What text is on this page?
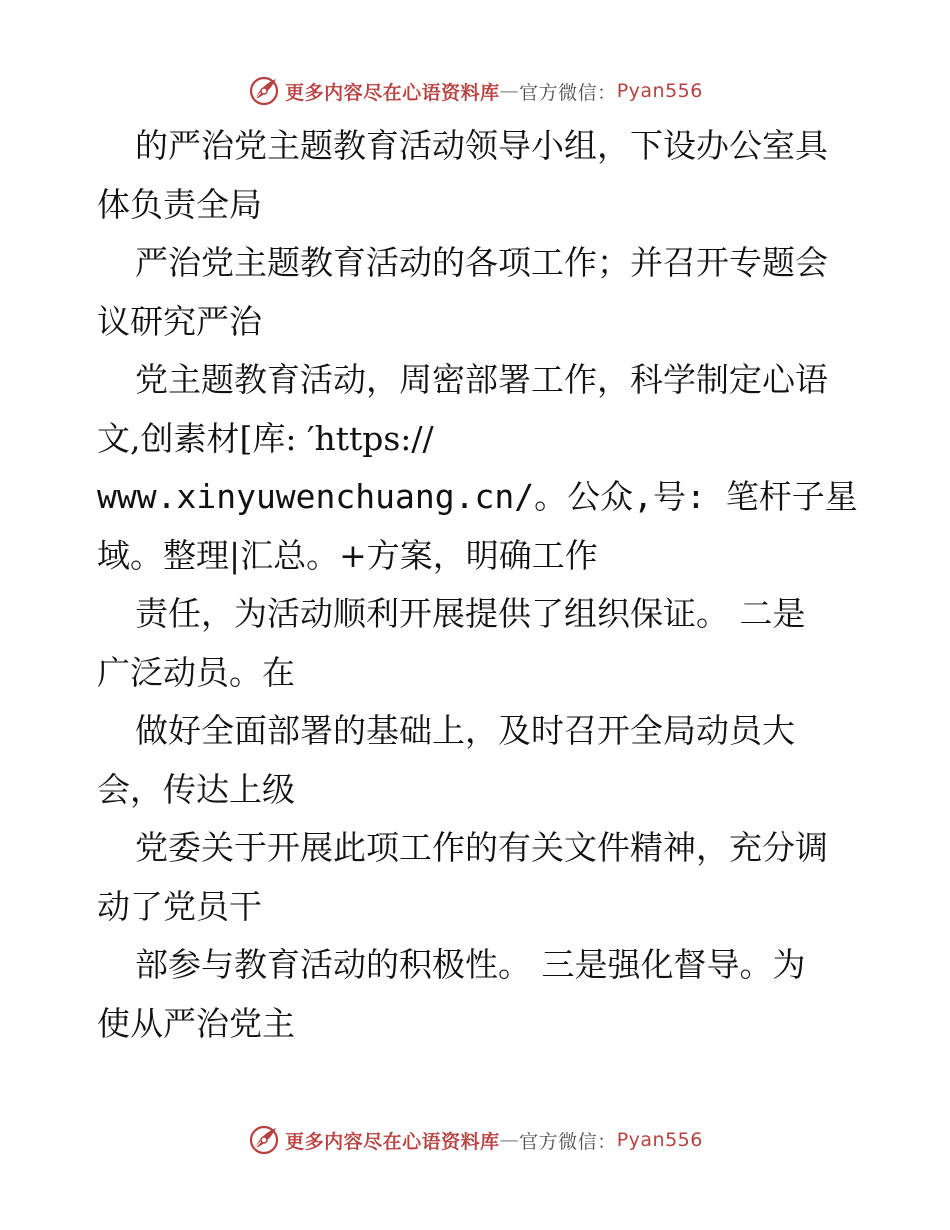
更多内容尽在心语资料库 — 官方微信： Pyan556
的严治党主题教育活动领导小组，下设办公室具
体负责全局
严治党主题教育活动的各项工作；并召开专题会
议研究严治
党主题教育活动，周密部署工作，科学制定心语
文,创素材[库: ′https://
www.xinyuwenchuang.cn/。公众,号: 笔杆子星
域。整理|汇总。+方案，明确工作
责任，为活动顺利开展提供了组织保证。 二是
广泛动员。在
做好全面部署的基础上，及时召开全局动员大
会，传达上级
党委关于开展此项工作的有关文件精神，充分调
动了党员干
部参与教育活动的积极性。 三是强化督导。为
使从严治党主
更多内容尽在心语资料库 — 官方微信： Pyan556
